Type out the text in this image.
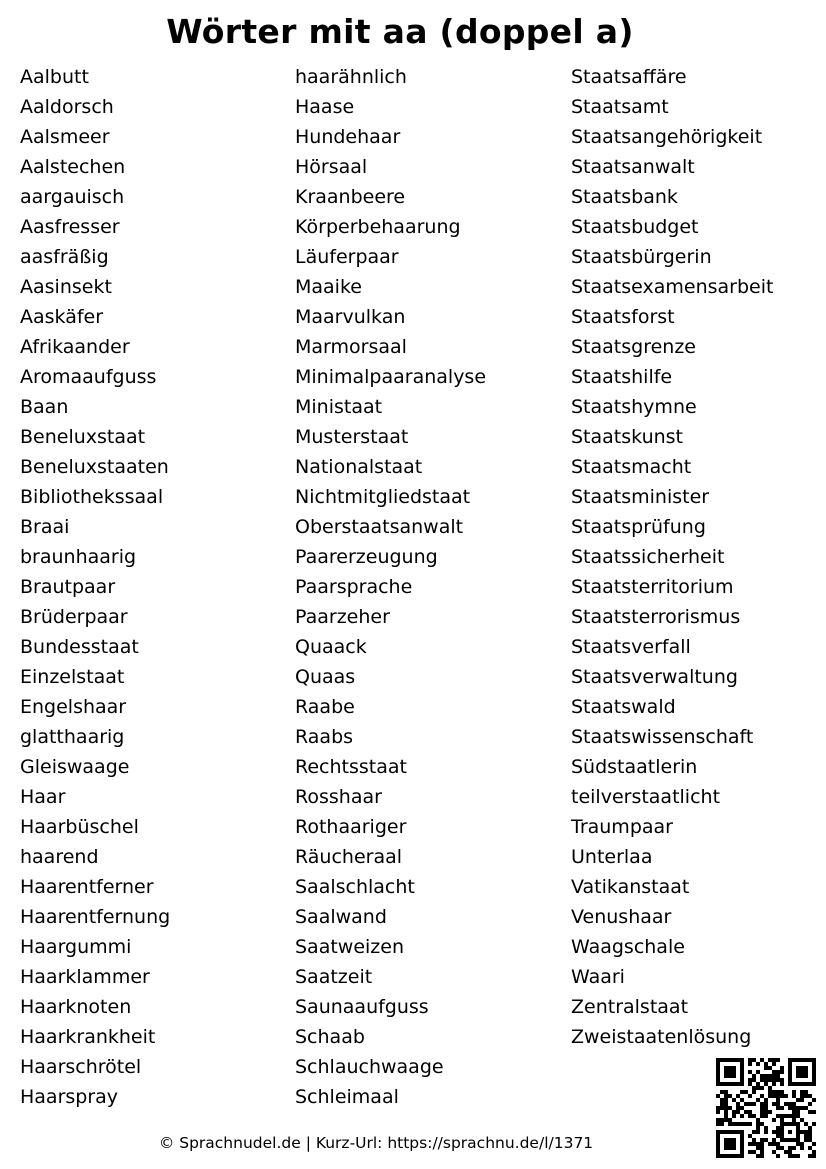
Wörter mit aa (doppel a)
Aalbutt
Aaldorsch
Aalsmeer
Aalstechen
aargauisch
Aasfresser
aasfräßig
Aasinsekt
Aaskäfer
Afrikaander
Aromaaufguss
Baan
Beneluxstaat
Beneluxstaaten
Bibliothekssaal
Braai
braunhaarig
Brautpaar
Brüderpaar
Bundesstaat
Einzelstaat
Engelshaar
glatthaarig
Gleiswaage
Haar
Haarbüschel
haarend
Haarentferner
Haarentfernung
Haargummi
Haarklammer
Haarknoten
Haarkrankheit
Haarschrötel
Haarspray
haarähnlich
Haase
Hundehaar
Hörsaal
Kraanbeere
Körperbehaarung
Läuferpaar
Maaike
Maarvulkan
Marmorsaal
Minimalpaaranalyse
Ministaat
Musterstaat
Nationalstaat
Nichtmitgliedstaat
Oberstaatsanwalt
Paarerzeugung
Paarsprache
Paarzeher
Quaack
Quaas
Raabe
Raabs
Rechtsstaat
Rosshaar
Rothaariger
Räucheraal
Saalschlacht
Saalwand
Saatweizen
Saatzeit
Saunaaufguss
Schaab
Schlauchwaage
Schleimaal
Staatsaffäre
Staatsamt
Staatsangehörigkeit
Staatsanwalt
Staatsbank
Staatsbudget
Staatsbürgerin
Staatsexamensarbeit
Staatsforst
Staatsgrenze
Staatshilfe
Staatshymne
Staatskunst
Staatsmacht
Staatsminister
Staatsprüfung
Staatssicherheit
Staatsterritorium
Staatsterrorismus
Staatsverfall
Staatsverwaltung
Staatswald
Staatswissenschaft
Südstaatlerin
teilverstaatlicht
Traumpaar
Unterlaa
Vatikanstaat
Venushaar
Waagschale
Waari
Zentralstaat
Zweistaatenlösung
© Sprachnudel.de | Kurz-Url: https://sprachnu.de/l/1371
